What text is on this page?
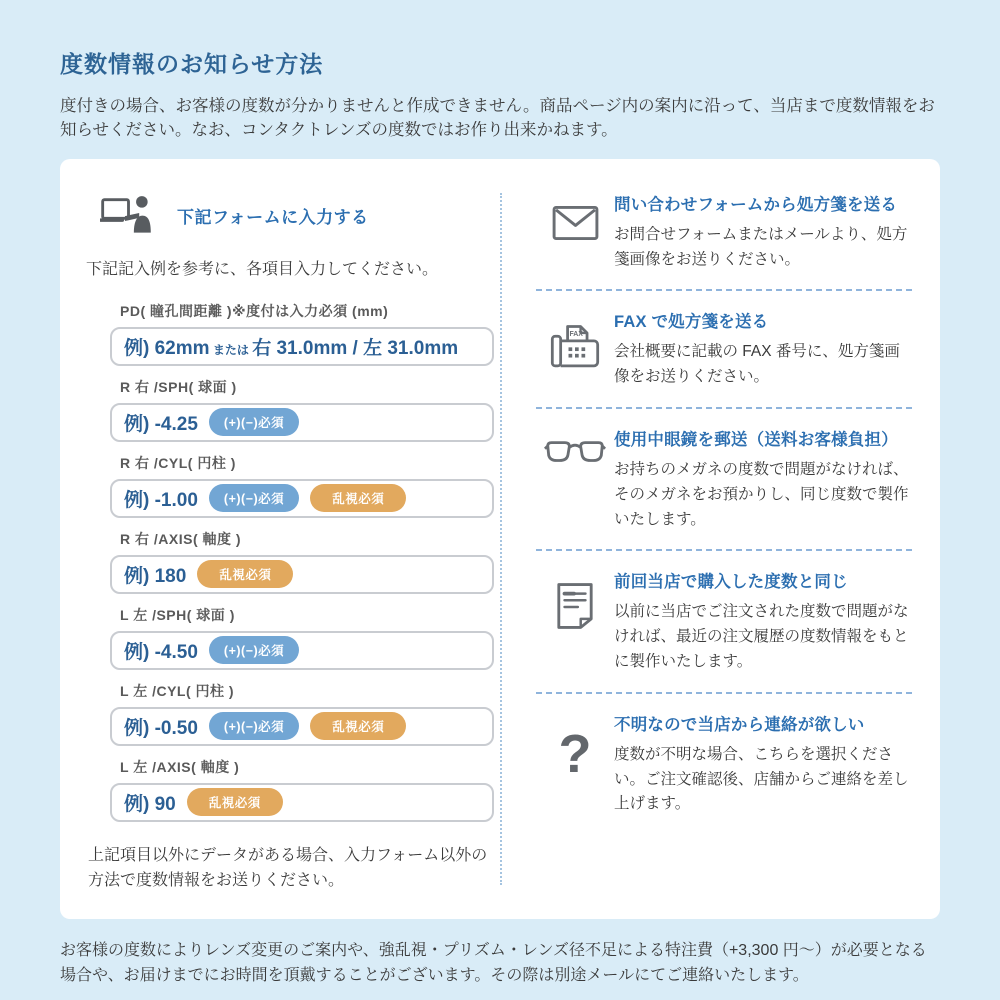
度数情報のお知らせ方法

度付きの場合、お客様の度数が分かりませんと作成できません。商品ページ内の案内に沿って、当店まで度数情報をお知らせください。なお、コンタクトレンズの度数ではお作り出来かねます。

下記フォームに入力する

下記記入例を参考に、各項目入力してください。

PD( 瞳孔間距離 )※度付は入力必須 (mm)
例) 62mm または 右 31.0mm / 左 31.0mm
R 右 /SPH( 球面 )
例) -4.25	(+)(−)必須
R 右 /CYL( 円柱 )
例) -1.00	(+)(−)必須	乱視必須
R 右 /AXIS( 軸度 )
例) 180	乱視必須
L 左 /SPH( 球面 )
例) -4.50	(+)(−)必須
L 左 /CYL( 円柱 )
例) -0.50	(+)(−)必須	乱視必須
L 左 /AXIS( 軸度 )
例) 90	乱視必須

上記項目以外にデータがある場合、入力フォーム以外の方法で度数情報をお送りください。

問い合わせフォームから処方箋を送る
お問合せフォームまたはメールより、処方箋画像をお送りください。
FAX
FAX で処方箋を送る
会社概要に記載の FAX 番号に、処方箋画像をお送りください。
使用中眼鏡を郵送（送料お客様負担）
お持ちのメガネの度数で問題がなければ、そのメガネをお預かりし、同じ度数で製作いたします。
前回当店で購入した度数と同じ
以前に当店でご注文された度数で問題がなければ、最近の注文履歴の度数情報をもとに製作いたします。
? 不明なので当店から連絡が欲しい
度数が不明な場合、こちらを選択ください。ご注文確認後、店舗からご連絡を差し上げます。

お客様の度数によりレンズ変更のご案内や、強乱視・プリズム・レンズ径不足による特注費（+3,300 円〜）が必要となる場合や、お届けまでにお時間を頂戴することがございます。その際は別途メールにてご連絡いたします。
